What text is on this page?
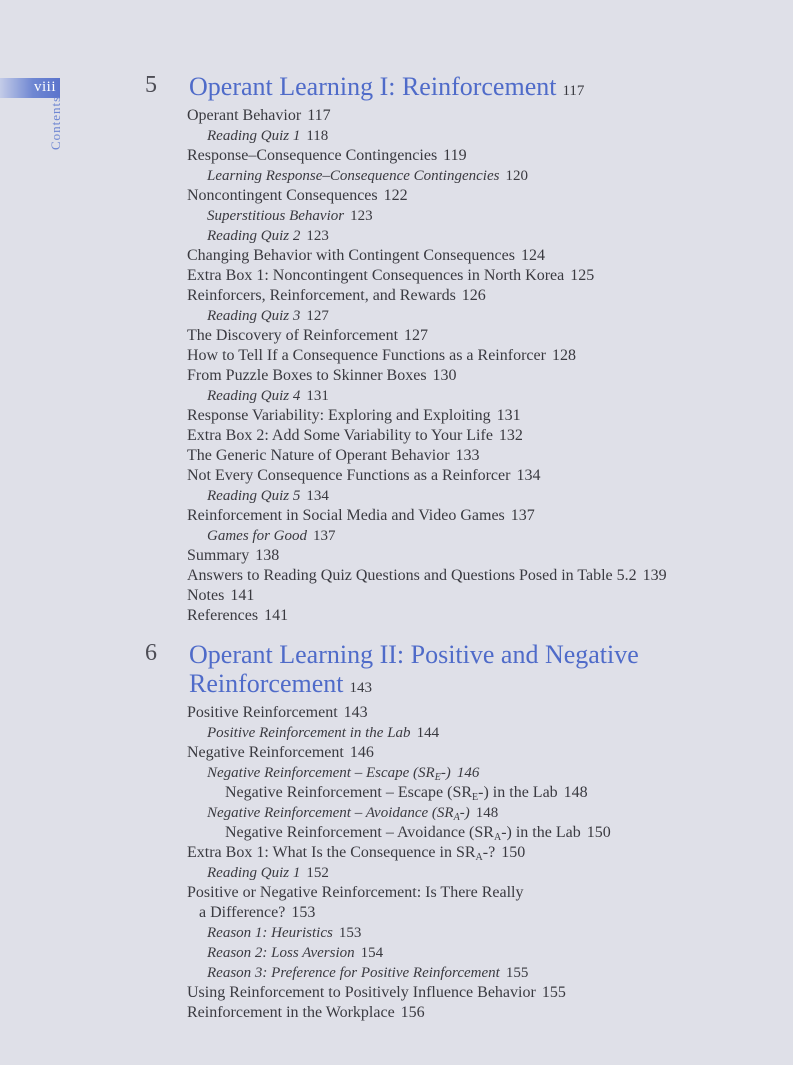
viii
Contents
5 Operant Learning I: Reinforcement 117
Operant Behavior 117
Reading Quiz 1 118
Response–Consequence Contingencies 119
Learning Response–Consequence Contingencies 120
Noncontingent Consequences 122
Superstitious Behavior 123
Reading Quiz 2 123
Changing Behavior with Contingent Consequences 124
Extra Box 1: Noncontingent Consequences in North Korea 125
Reinforcers, Reinforcement, and Rewards 126
Reading Quiz 3 127
The Discovery of Reinforcement 127
How to Tell If a Consequence Functions as a Reinforcer 128
From Puzzle Boxes to Skinner Boxes 130
Reading Quiz 4 131
Response Variability: Exploring and Exploiting 131
Extra Box 2: Add Some Variability to Your Life 132
The Generic Nature of Operant Behavior 133
Not Every Consequence Functions as a Reinforcer 134
Reading Quiz 5 134
Reinforcement in Social Media and Video Games 137
Games for Good 137
Summary 138
Answers to Reading Quiz Questions and Questions Posed in Table 5.2 139
Notes 141
References 141
6 Operant Learning II: Positive and Negative
Reinforcement 143
Positive Reinforcement 143
Positive Reinforcement in the Lab 144
Negative Reinforcement 146
Negative Reinforcement – Escape $(SR_E-)$ 146
Negative Reinforcement – Escape $(SR_E-)$ in the Lab 148
Negative Reinforcement – Avoidance $(SR_A-)$ 148
Negative Reinforcement – Avoidance $(SR_A-)$ in the Lab 150
Extra Box 1: What Is the Consequence in $SR_A-$? 150
Reading Quiz 1 152
Positive or Negative Reinforcement: Is There Really
a Difference? 153
Reason 1: Heuristics 153
Reason 2: Loss Aversion 154
Reason 3: Preference for Positive Reinforcement 155
Using Reinforcement to Positively Influence Behavior 155
Reinforcement in the Workplace 156
